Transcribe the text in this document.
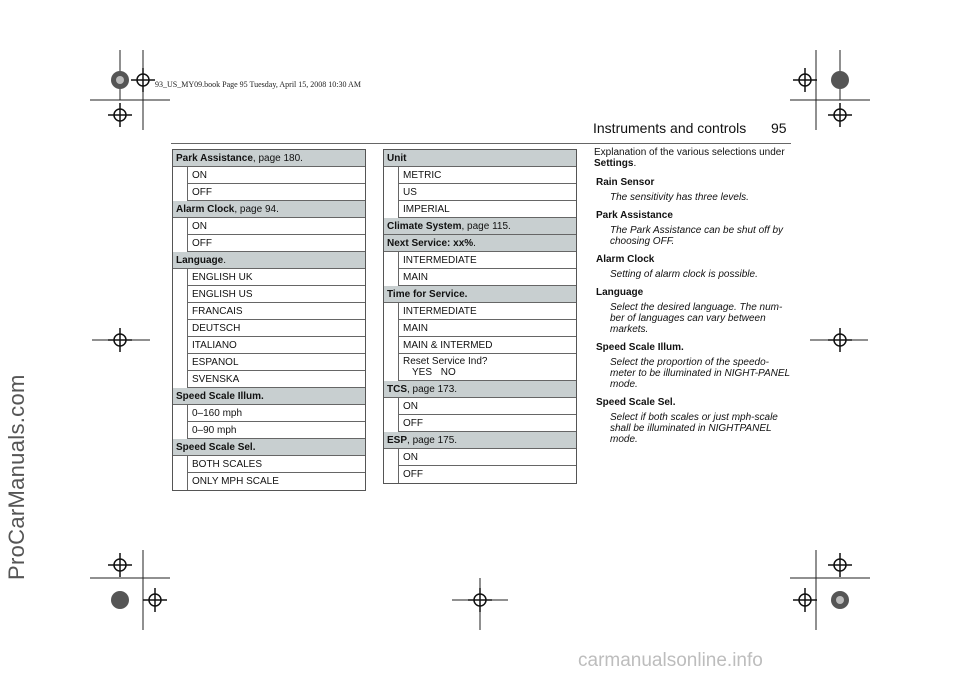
93_US_MY09.book Page 95 Tuesday, April 15, 2008 10:30 AM
Instruments and controls 95
ProCarManuals.com
carmanualsonline.info
Park Assistance , page 180.
ON
OFF
Alarm Clock , page 94.
ON
OFF
Language .
ENGLISH UK
ENGLISH US
FRANCAIS
DEUTSCH
ITALIANO
ESPANOL
SVENSKA
Speed Scale Illum.
0–160 mph
0–90 mph
Speed Scale Sel.
BOTH SCALES
ONLY MPH SCALE
Unit
METRIC
US
IMPERIAL
Climate System , page 115.
Next Service: xx% .
INTERMEDIATE
MAIN
Time for Service.
INTERMEDIATE
MAIN
MAIN & INTERMED
Reset Service Ind?
YES NO
TCS , page 173.
ON
OFF
ESP , page 175.
ON
OFF

Explanation of the various selections under Settings.

Rain Sensor
The sensitivity has three levels.
Park Assistance
The Park Assistance can be shut off by choosing OFF.
Alarm Clock
Setting of alarm clock is possible.
Language
Select the desired language. The num-ber of languages can vary between markets.
Speed Scale Illum.
Select the proportion of the speedo-meter to be illuminated in NIGHT-PANEL mode.
Speed Scale Sel.
Select if both scales or just mph-scale shall be illuminated in NIGHTPANEL mode.
